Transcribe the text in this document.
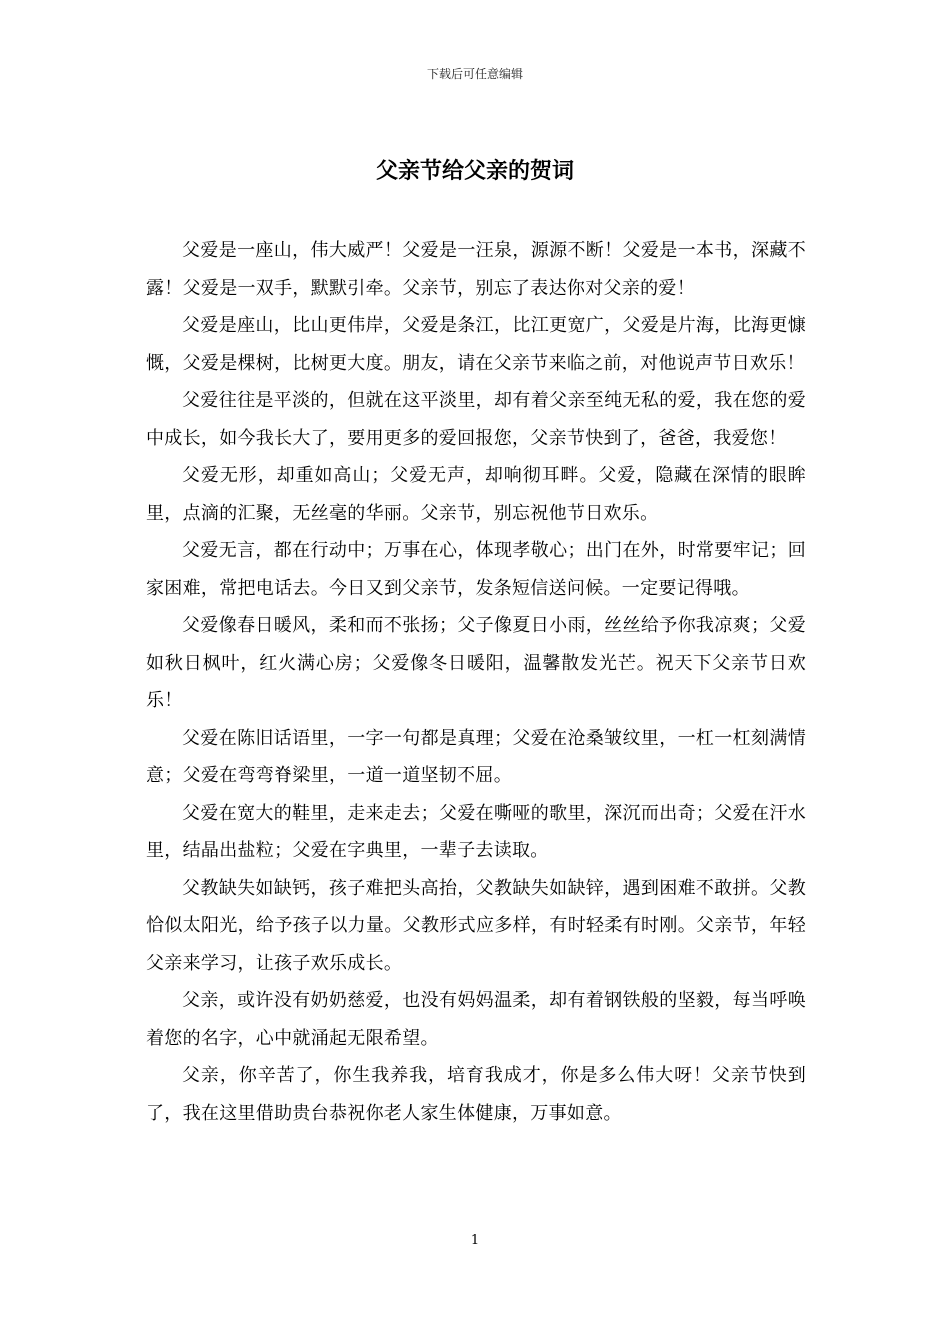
下载后可任意编辑
父亲节给父亲的贺词

父爱是一座山，伟大威严！父爱是一汪泉，源源不断！父爱是一本书，深藏不露！父爱是一双手，默默引牵。父亲节，别忘了表达你对父亲的爱！

父爱是座山，比山更伟岸，父爱是条江，比江更宽广，父爱是片海，比海更慷慨，父爱是棵树，比树更大度。朋友，请在父亲节来临之前，对他说声节日欢乐！

父爱往往是平淡的，但就在这平淡里，却有着父亲至纯无私的爱，我在您的爱中成长，如今我长大了，要用更多的爱回报您，父亲节快到了，爸爸，我爱您！

父爱无形，却重如高山；父爱无声，却响彻耳畔。父爱，隐藏在深情的眼眸里，点滴的汇聚，无丝毫的华丽。父亲节，别忘祝他节日欢乐。

父爱无言，都在行动中；万事在心，体现孝敬心；出门在外，时常要牢记；回家困难，常把电话去。今日又到父亲节，发条短信送问候。一定要记得哦。

父爱像春日暖风，柔和而不张扬；父子像夏日小雨，丝丝给予你我凉爽；父爱如秋日枫叶，红火满心房；父爱像冬日暖阳，温馨散发光芒。祝天下父亲节日欢乐！

父爱在陈旧话语里，一字一句都是真理；父爱在沧桑皱纹里，一杠一杠刻满情意；父爱在弯弯脊梁里，一道一道坚韧不屈。

父爱在宽大的鞋里，走来走去；父爱在嘶哑的歌里，深沉而出奇；父爱在汗水里，结晶出盐粒；父爱在字典里，一辈子去读取。

父教缺失如缺钙，孩子难把头高抬，父教缺失如缺锌，遇到困难不敢拼。父教恰似太阳光，给予孩子以力量。父教形式应多样，有时轻柔有时刚。父亲节，年轻父亲来学习，让孩子欢乐成长。

父亲，或许没有奶奶慈爱，也没有妈妈温柔，却有着钢铁般的坚毅，每当呼唤着您的名字，心中就涌起无限希望。

父亲，你辛苦了，你生我养我，培育我成才，你是多么伟大呀！父亲节快到了，我在这里借助贵台恭祝你老人家生体健康，万事如意。

1
